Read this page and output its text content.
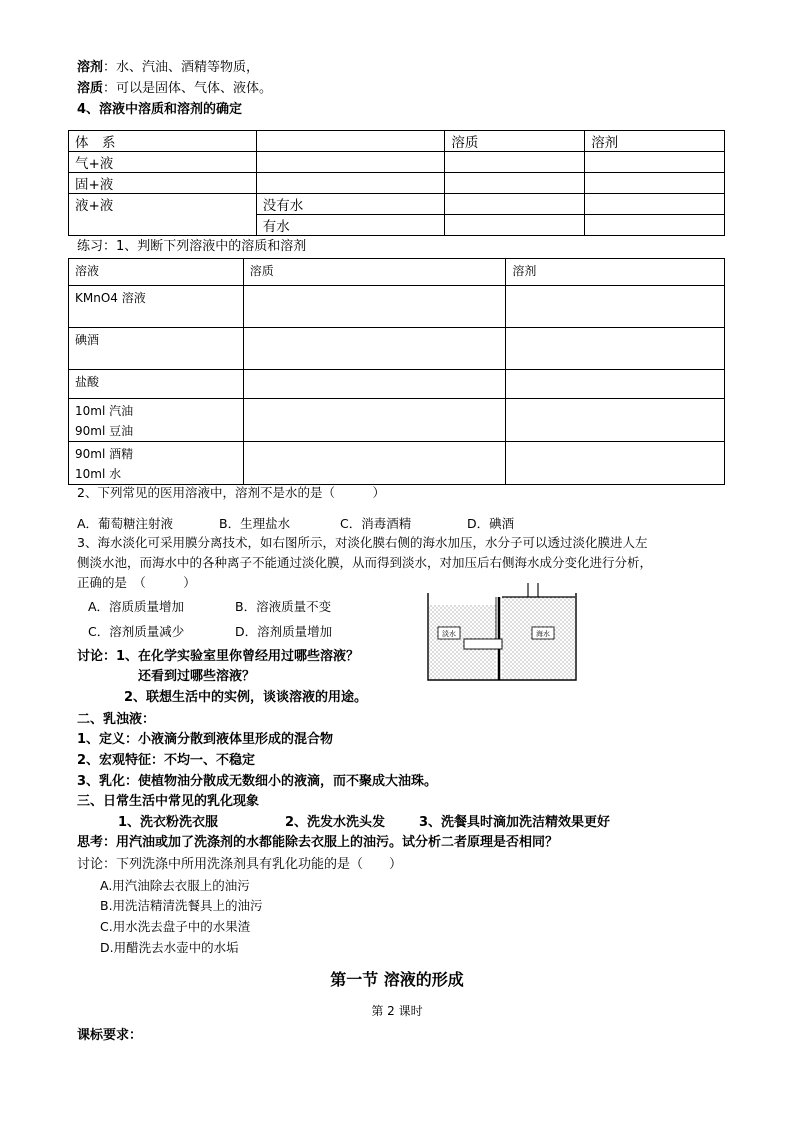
溶剂：水、汽油、酒精等物质，
溶质：可以是固体、气体、液体。
4、溶液中溶质和溶剂的确定
体　系		溶质	溶剂
气+液			
固+液			
液+液	没有水		
	有水		
练习：1、判断下列溶液中的溶质和溶剂
溶液	溶质	溶剂

KMnO4 溶液		

碘酒		

盐酸		

10ml 汽油
90ml 豆油		

90ml 酒精
10ml 水		

2、下列常见的医用溶液中，溶剂不是水的是（　　　）
A．葡萄糖注射液	B．生理盐水	C．消毒酒精	D．碘酒
3、海水淡化可采用膜分离技术，如右图所示，对淡化膜右侧的海水加压，水分子可以透过淡化膜进人左
侧淡水池，而海水中的各种离子不能通过淡化膜，从而得到淡水，对加压后右侧海水成分变化进行分析，
正确的是　（　　　）
A．溶质质量增加	B．溶液质量不变
C．溶剂质量减少	D．溶剂质量增加	淡水	海水
讨论：1、在化学实验室里你曾经用过哪些溶液？
还看到过哪些溶液？
2、联想生活中的实例，谈谈溶液的用途。
二、乳浊液：
1、定义：小液滴分散到液体里形成的混合物
2、宏观特征：不均一、不稳定
3、乳化：使植物油分散成无数细小的液滴，而不聚成大油珠。
三、日常生活中常见的乳化现象
1、洗衣粉洗衣服	2、洗发水洗头发	3、洗餐具时滴加洗洁精效果更好
思考：用汽油或加了洗涤剂的水都能除去衣服上的油污。试分析二者原理是否相同？
讨论：下列洗涤中所用洗涤剂具有乳化功能的是（　　）
A.用汽油除去衣服上的油污
B.用洗洁精清洗餐具上的油污
C.用水洗去盘子中的水果渣
D.用醋洗去水壶中的水垢
第一节 溶液的形成
第 2 课时
课标要求：
